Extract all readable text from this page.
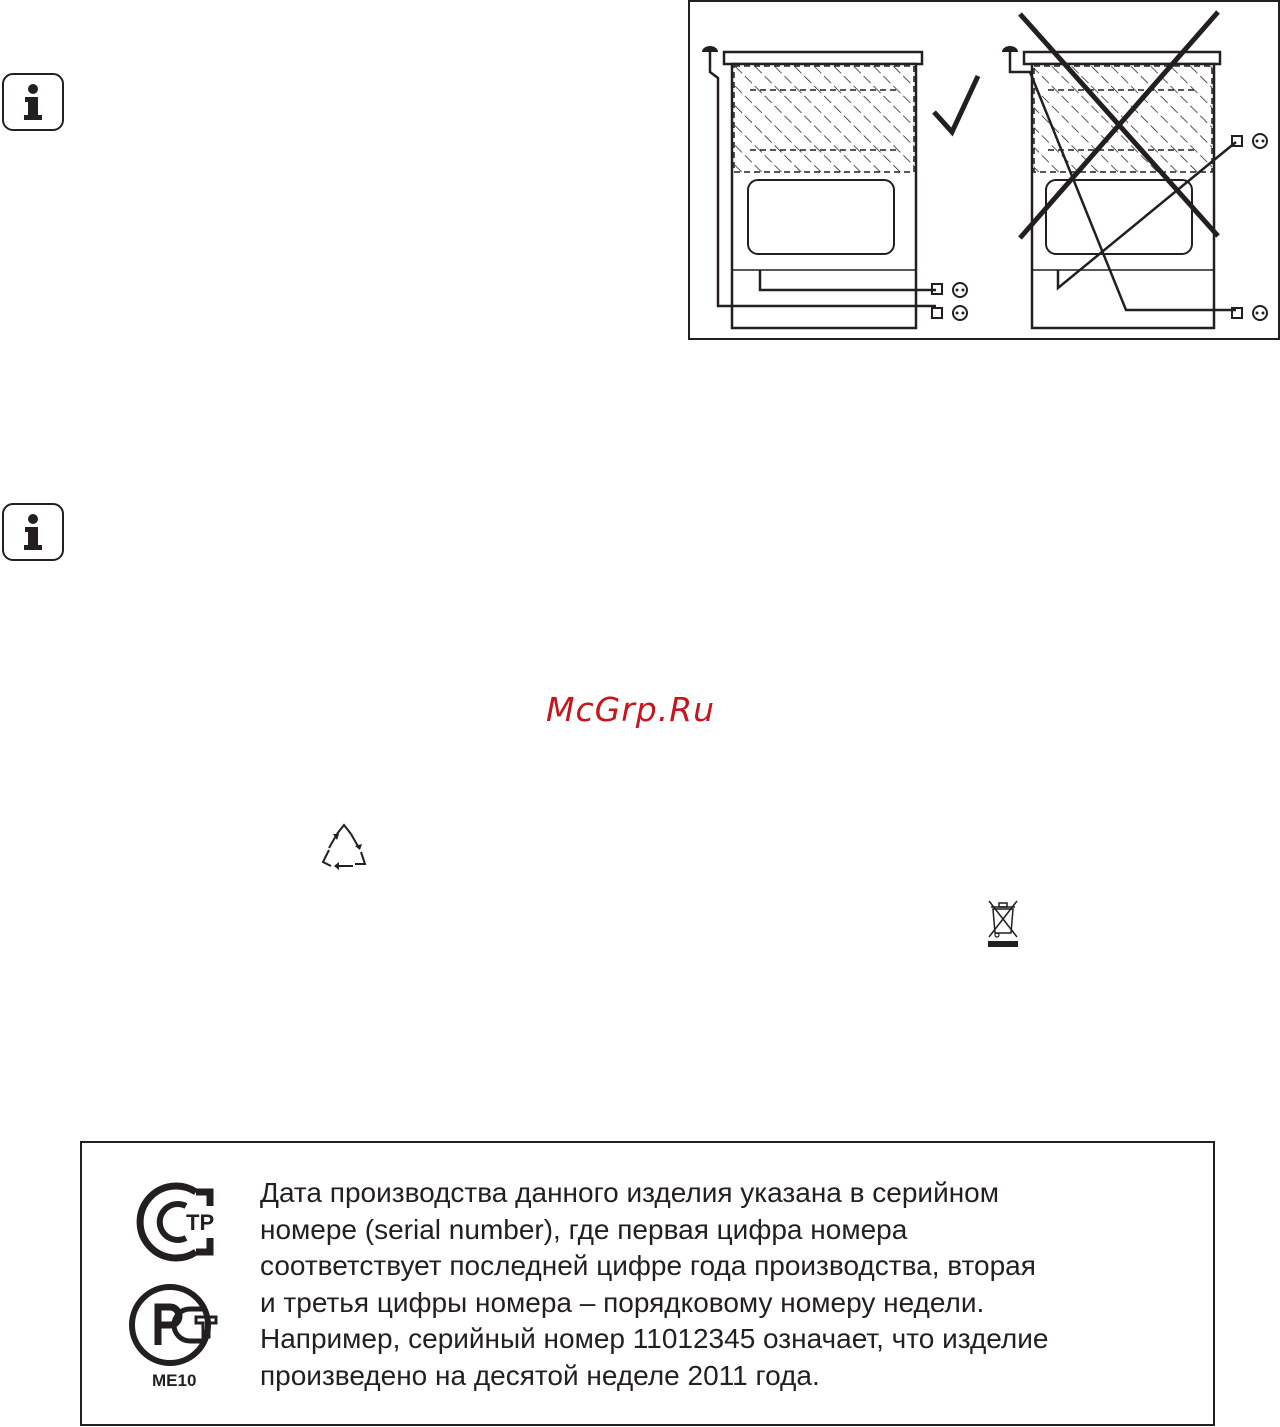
McGrp.Ru
ТР
ME10

Дата производства данного изделия указана в серийном

номере (serial number), где первая цифра номера

соответствует последней цифре года производства, вторая

и третья цифры номера – порядковому номеру недели.

Например, серийный номер 11012345 означает, что изделие

произведено на десятой неделе 2011 года.
